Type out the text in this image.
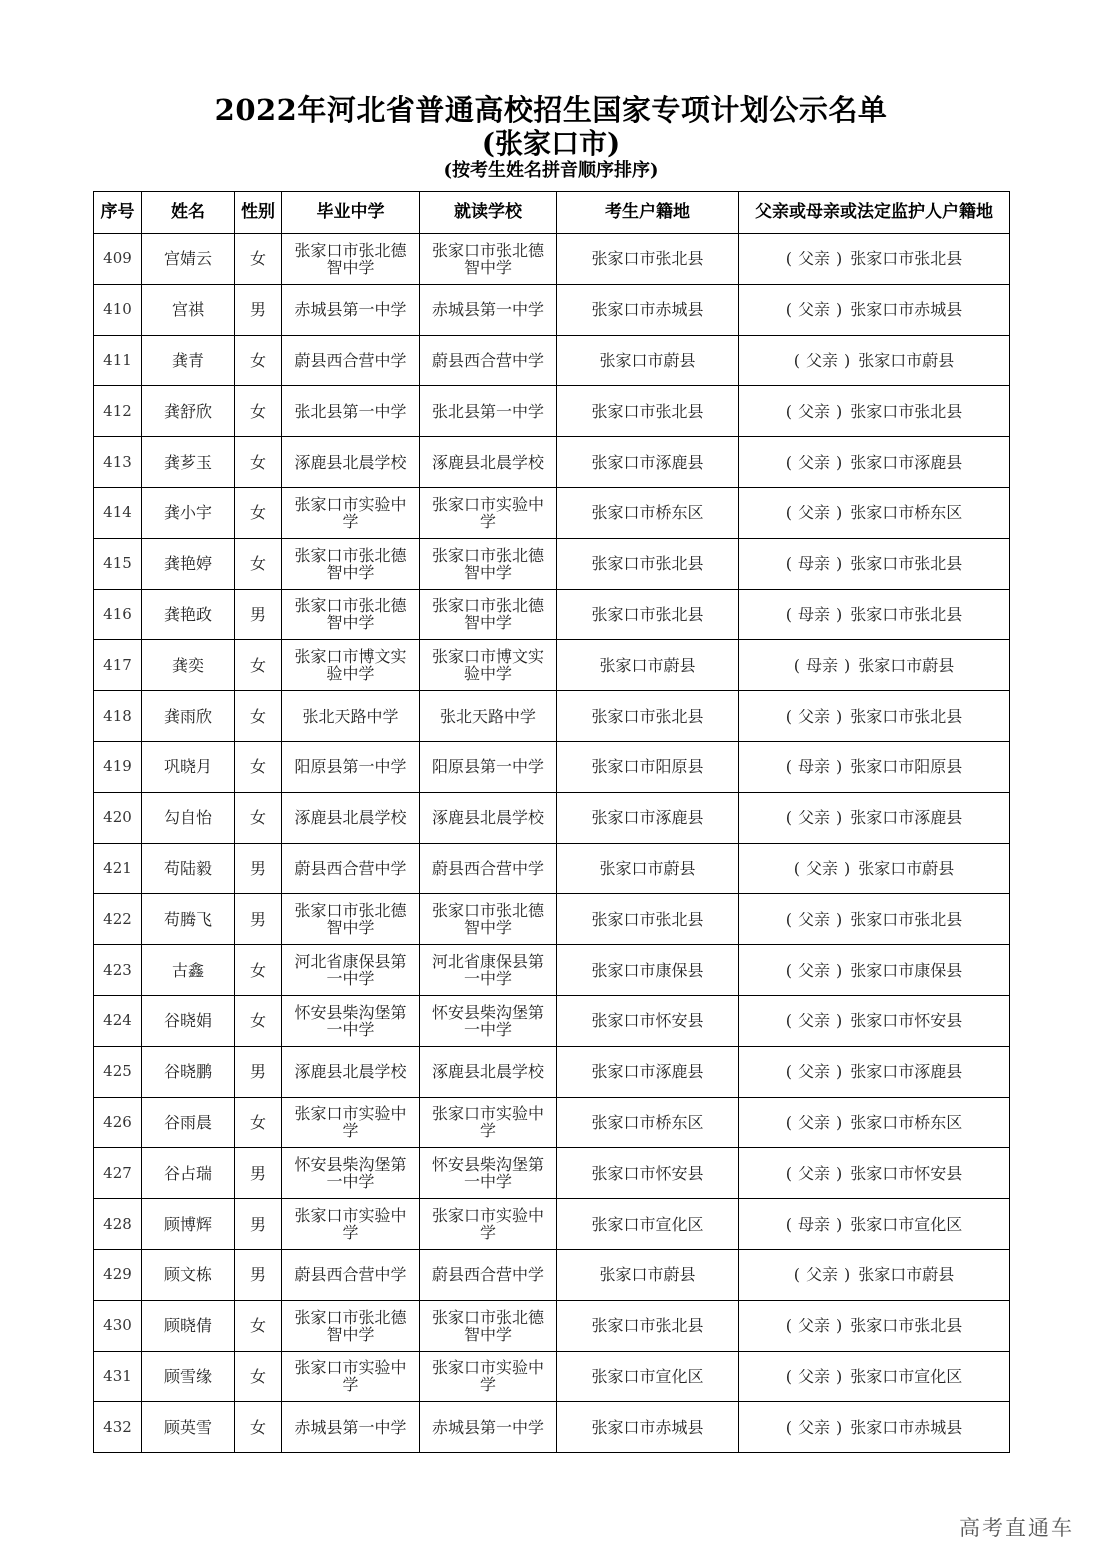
2022年河北省普通高校招生国家专项计划公示名单
(张家口市)
(按考生姓名拼音顺序排序)
序号	姓名	性别	毕业中学	就读学校	考生户籍地	父亲或母亲或法定监护人户籍地
409	宫婧云	女	张家口市张北德智中学	张家口市张北德智中学	张家口市张北县	( 父亲 ) 张家口市张北县
410	宫祺	男	赤城县第一中学	赤城县第一中学	张家口市赤城县	( 父亲 ) 张家口市赤城县
411	龚青	女	蔚县西合营中学	蔚县西合营中学	张家口市蔚县	( 父亲 ) 张家口市蔚县
412	龚舒欣	女	张北县第一中学	张北县第一中学	张家口市张北县	( 父亲 ) 张家口市张北县
413	龚芗玉	女	涿鹿县北晨学校	涿鹿县北晨学校	张家口市涿鹿县	( 父亲 ) 张家口市涿鹿县
414	龚小宇	女	张家口市实验中学	张家口市实验中学	张家口市桥东区	( 父亲 ) 张家口市桥东区
415	龚艳婷	女	张家口市张北德智中学	张家口市张北德智中学	张家口市张北县	( 母亲 ) 张家口市张北县
416	龚艳政	男	张家口市张北德智中学	张家口市张北德智中学	张家口市张北县	( 母亲 ) 张家口市张北县
417	龚奕	女	张家口市博文实验中学	张家口市博文实验中学	张家口市蔚县	( 母亲 ) 张家口市蔚县
418	龚雨欣	女	张北天路中学	张北天路中学	张家口市张北县	( 父亲 ) 张家口市张北县
419	巩晓月	女	阳原县第一中学	阳原县第一中学	张家口市阳原县	( 母亲 ) 张家口市阳原县
420	勾自怡	女	涿鹿县北晨学校	涿鹿县北晨学校	张家口市涿鹿县	( 父亲 ) 张家口市涿鹿县
421	苟陆毅	男	蔚县西合营中学	蔚县西合营中学	张家口市蔚县	( 父亲 ) 张家口市蔚县
422	苟腾飞	男	张家口市张北德智中学	张家口市张北德智中学	张家口市张北县	( 父亲 ) 张家口市张北县
423	古鑫	女	河北省康保县第一中学	河北省康保县第一中学	张家口市康保县	( 父亲 ) 张家口市康保县
424	谷晓娟	女	怀安县柴沟堡第一中学	怀安县柴沟堡第一中学	张家口市怀安县	( 父亲 ) 张家口市怀安县
425	谷晓鹏	男	涿鹿县北晨学校	涿鹿县北晨学校	张家口市涿鹿县	( 父亲 ) 张家口市涿鹿县
426	谷雨晨	女	张家口市实验中学	张家口市实验中学	张家口市桥东区	( 父亲 ) 张家口市桥东区
427	谷占瑞	男	怀安县柴沟堡第一中学	怀安县柴沟堡第一中学	张家口市怀安县	( 父亲 ) 张家口市怀安县
428	顾博辉	男	张家口市实验中学	张家口市实验中学	张家口市宣化区	( 母亲 ) 张家口市宣化区
429	顾文栋	男	蔚县西合营中学	蔚县西合营中学	张家口市蔚县	( 父亲 ) 张家口市蔚县
430	顾晓倩	女	张家口市张北德智中学	张家口市张北德智中学	张家口市张北县	( 父亲 ) 张家口市张北县
431	顾雪缘	女	张家口市实验中学	张家口市实验中学	张家口市宣化区	( 父亲 ) 张家口市宣化区
432	顾英雪	女	赤城县第一中学	赤城县第一中学	张家口市赤城县	( 父亲 ) 张家口市赤城县
高考直通车
